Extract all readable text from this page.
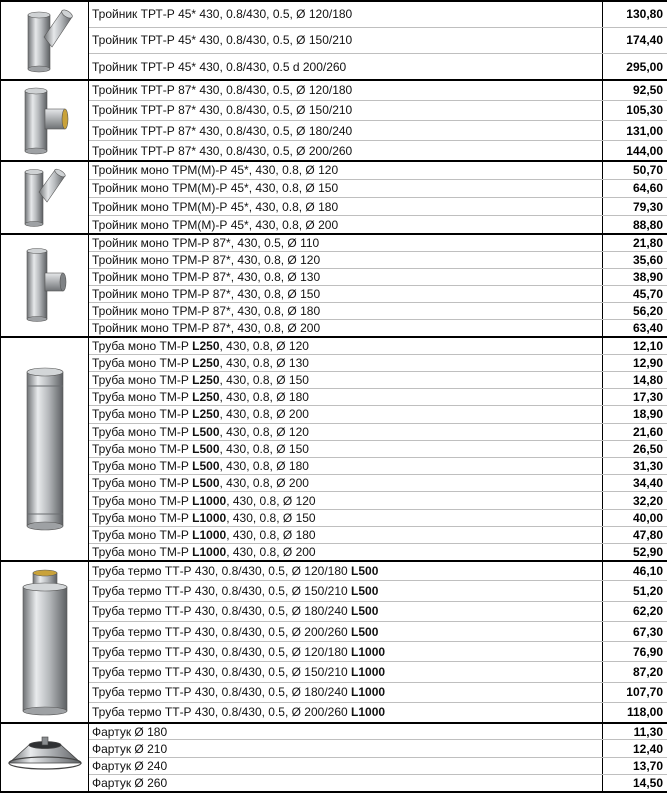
	Тройник ТРТ-Р 45* 430, 0.8/430, 0.5, Ø 120/180	130,80
	Тройник ТРТ-Р 45* 430, 0.8/430, 0.5, Ø 150/210	174,40
	Тройник ТРТ-Р 45* 430, 0.8/430, 0.5 d 200/260	295,00

	Тройник ТРТ-Р 87* 430, 0.8/430, 0.5, Ø 120/180	92,50
	Тройник ТРТ-Р 87* 430, 0.8/430, 0.5, Ø 150/210	105,30
	Тройник ТРТ-Р 87* 430, 0.8/430, 0.5, Ø 180/240	131,00
	Тройник ТРТ-Р 87* 430, 0.8/430, 0.5, Ø 200/260	144,00

	Тройник моно ТРМ(М)-Р 45*, 430, 0.8, Ø 120	50,70
	Тройник моно ТРМ(М)-Р 45*, 430, 0.8, Ø 150	64,60
	Тройник моно ТРМ(М)-Р 45*, 430, 0.8, Ø 180	79,30
	Тройник моно ТРМ(М)-Р 45*, 430, 0.8, Ø 200	88,80

	Тройник моно ТРМ-Р 87*, 430, 0.5, Ø 110	21,80
	Тройник моно ТРМ-Р 87*, 430, 0.8, Ø 120	35,60
	Тройник моно ТРМ-Р 87*, 430, 0.8, Ø 130	38,90
	Тройник моно ТРМ-Р 87*, 430, 0.8, Ø 150	45,70
	Тройник моно ТРМ-Р 87*, 430, 0.8, Ø 180	56,20
	Тройник моно ТРМ-Р 87*, 430, 0.8, Ø 200	63,40

	Труба моно ТМ-Р L250, 430, 0.8, Ø 120	12,10
	Труба моно ТМ-Р L250, 430, 0.8, Ø 130	12,90
	Труба моно ТМ-Р L250, 430, 0.8, Ø 150	14,80
	Труба моно ТМ-Р L250, 430, 0.8, Ø 180	17,30
	Труба моно ТМ-Р L250, 430, 0.8, Ø 200	18,90
	Труба моно ТМ-Р L500, 430, 0.8, Ø 120	21,60
	Труба моно ТМ-Р L500, 430, 0.8, Ø 150	26,50
	Труба моно ТМ-Р L500, 430, 0.8, Ø 180	31,30
	Труба моно ТМ-Р L500, 430, 0.8, Ø 200	34,40
	Труба моно ТМ-Р L1000, 430, 0.8, Ø 120	32,20
	Труба моно ТМ-Р L1000, 430, 0.8, Ø 150	40,00
	Труба моно ТМ-Р L1000, 430, 0.8, Ø 180	47,80
	Труба моно ТМ-Р L1000, 430, 0.8, Ø 200	52,90

	Труба термо ТТ-Р 430, 0.8/430, 0.5, Ø 120/180 L500	46,10
	Труба термо ТТ-Р 430, 0.8/430, 0.5, Ø 150/210 L500	51,20
	Труба термо ТТ-Р 430, 0.8/430, 0.5, Ø 180/240 L500	62,20
	Труба термо ТТ-Р 430, 0.8/430, 0.5, Ø 200/260 L500	67,30
	Труба термо ТТ-Р 430, 0.8/430, 0.5, Ø 120/180 L1000	76,90
	Труба термо ТТ-Р 430, 0.8/430, 0.5, Ø 150/210 L1000	87,20
	Труба термо ТТ-Р 430, 0.8/430, 0.5, Ø 180/240 L1000	107,70
	Труба термо ТТ-Р 430, 0.8/430, 0.5, Ø 200/260 L1000	118,00

	Фартук Ø 180	11,30
	Фартук Ø 210	12,40
	Фартук Ø 240	13,70
	Фартук Ø 260	14,50
